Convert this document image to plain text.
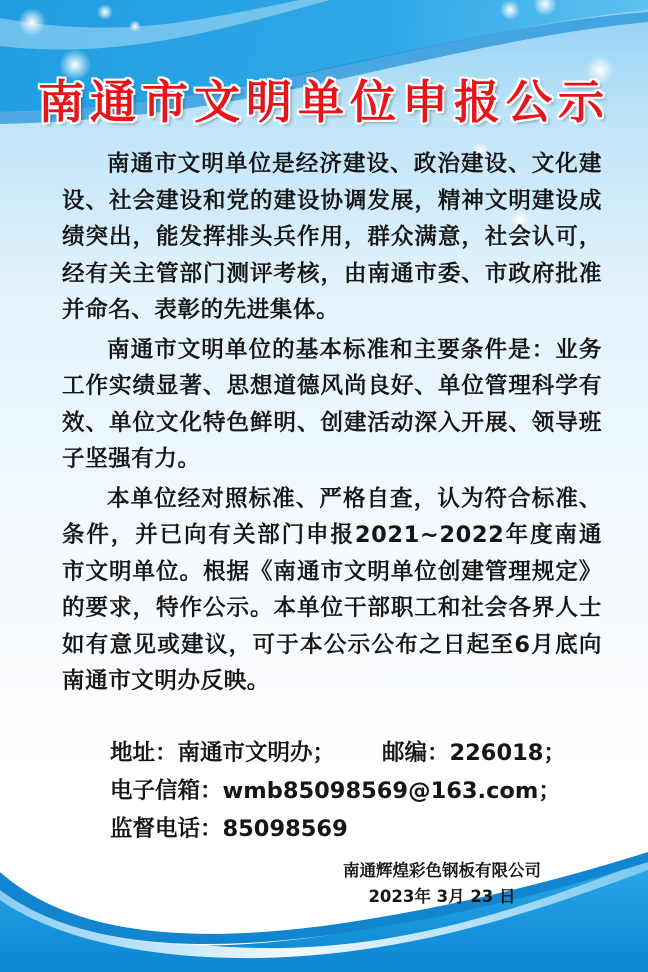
南通市文明单位申报公示

南通市文明单位是经济建设、政治建设、文化建设、社会建设和党的建设协调发展，精神文明建设成绩突出，能发挥排头兵作用，群众满意，社会认可，经有关主管部门测评考核，由南通市委、市政府批准并命名、表彰的先进集体。

南通市文明单位的基本标准和主要条件是：业务工作实绩显著、思想道德风尚良好、单位管理科学有效、单位文化特色鲜明、创建活动深入开展、领导班子坚强有力。

本单位经对照标准、严格自查，认为符合标准、条件，并已向有关部门申报2021~2022年度南通市文明单位。根据《南通市文明单位创建管理规定》的要求，特作公示。本单位干部职工和社会各界人士如有意见或建议，可于本公示公布之日起至6月底向南通市文明办反映。

地址：南通市文明办；      邮编：226018；
电子信箱：wmb85098569@163.com；
监督电话：85098569
南通辉煌彩色钢板有限公司
2023年 3月 23 日
